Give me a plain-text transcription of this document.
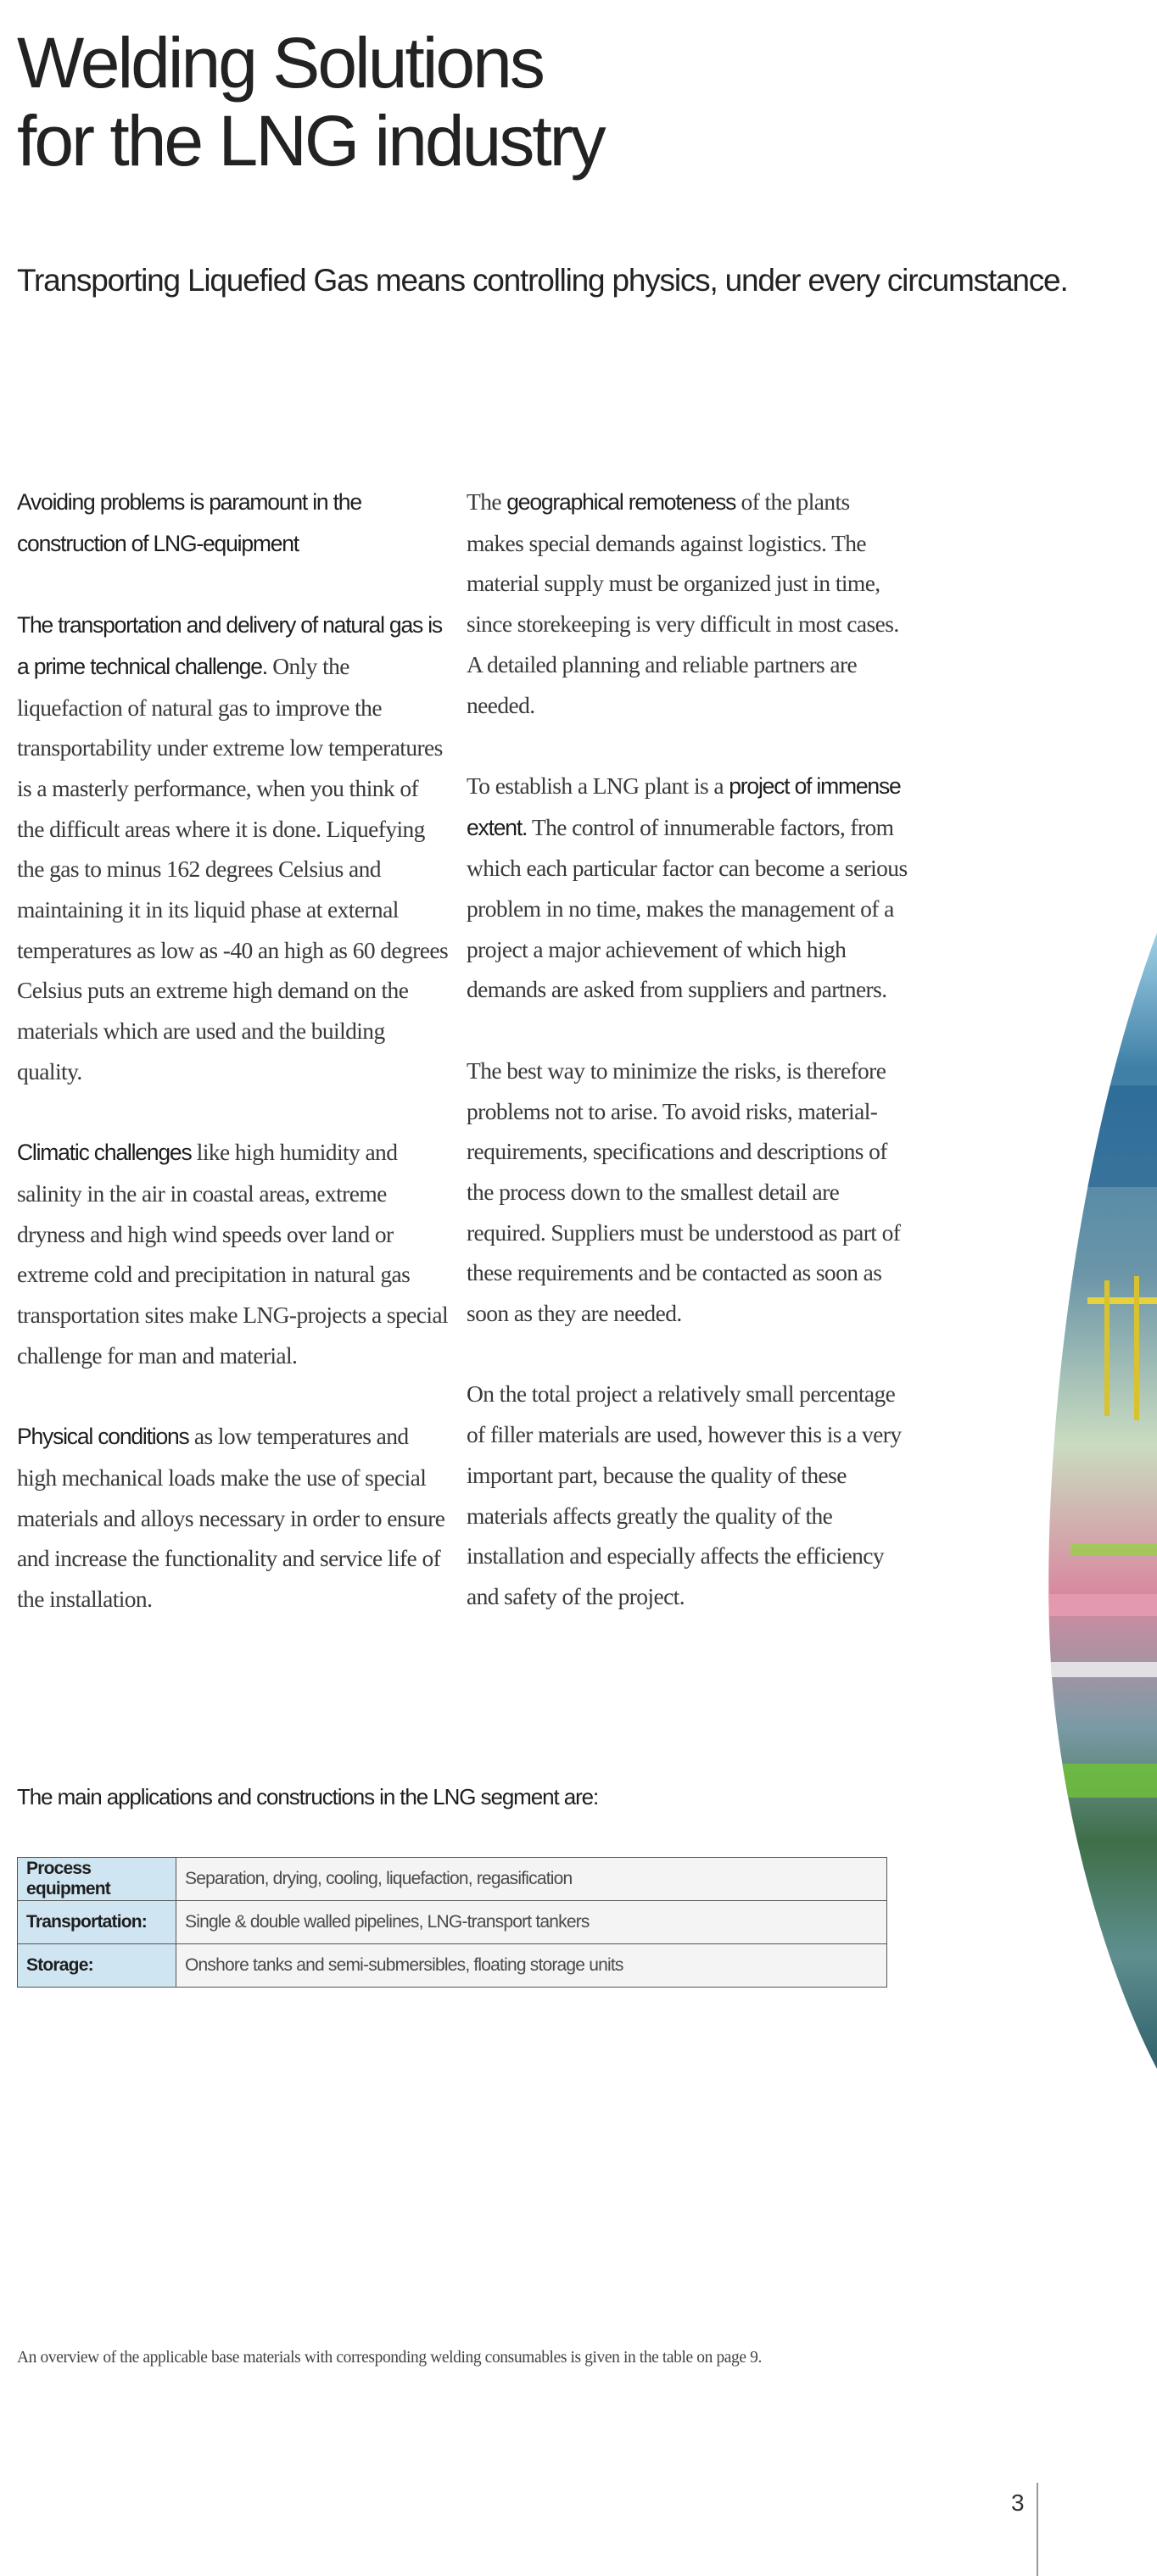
Welding Solutions
for the LNG industry
Transporting Liquefied Gas means controlling physics, under every circumstance.

Avoiding problems is paramount in the construction of LNG-equipment

The transportation and delivery of natural gas is a prime technical challenge. Only the liquefaction of natural gas to improve the transportability under extreme low temperatures is a masterly performance, when you think of the difficult areas where it is done. Liquefying the gas to minus 162 degrees Celsius and maintaining it in its liquid phase at external temperatures as low as -40 an high as 60 degrees Celsius puts an extreme high demand on the materials which are used and the building quality.

Climatic challenges like high humidity and salinity in the air in coastal areas, extreme dryness and high wind speeds over land or extreme cold and precipitation in natural gas transportation sites make LNG-projects a special challenge for man and material.

Physical conditions as low temperatures and high mechanical loads make the use of special materials and alloys necessary in order to ensure and increase the functionality and service life of the installation.

The geographical remoteness of the plants makes special demands against logistics. The material supply must be organized just in time, since storekeeping is very difficult in most cases. A detailed planning and reliable partners are needed.

To establish a LNG plant is a project of immense extent. The control of innumerable factors, from which each particular factor can become a serious problem in no time, makes the management of a project a major achievement of which high demands are asked from suppliers and partners.

The best way to minimize the risks, is therefore problems not to arise. To avoid risks, material-requirements, specifications and descriptions of the process down to the smallest detail are required. Suppliers must be understood as part of these requirements and be contacted as soon as soon as they are needed.

On the total project a relatively small percentage of filler materials are used, however this is a very important part, because the quality of these materials affects greatly the quality of the installation and especially affects the efficiency and safety of the project.

The main applications and constructions in the LNG segment are:
Process equipment	Separation, drying, cooling, liquefaction, regasification
Transportation:	Single & double walled pipelines, LNG-transport tankers
Storage:	Onshore tanks and semi-submersibles, floating storage units

An overview of the applicable base materials with corresponding welding consumables is given in the table on page 9.

3
